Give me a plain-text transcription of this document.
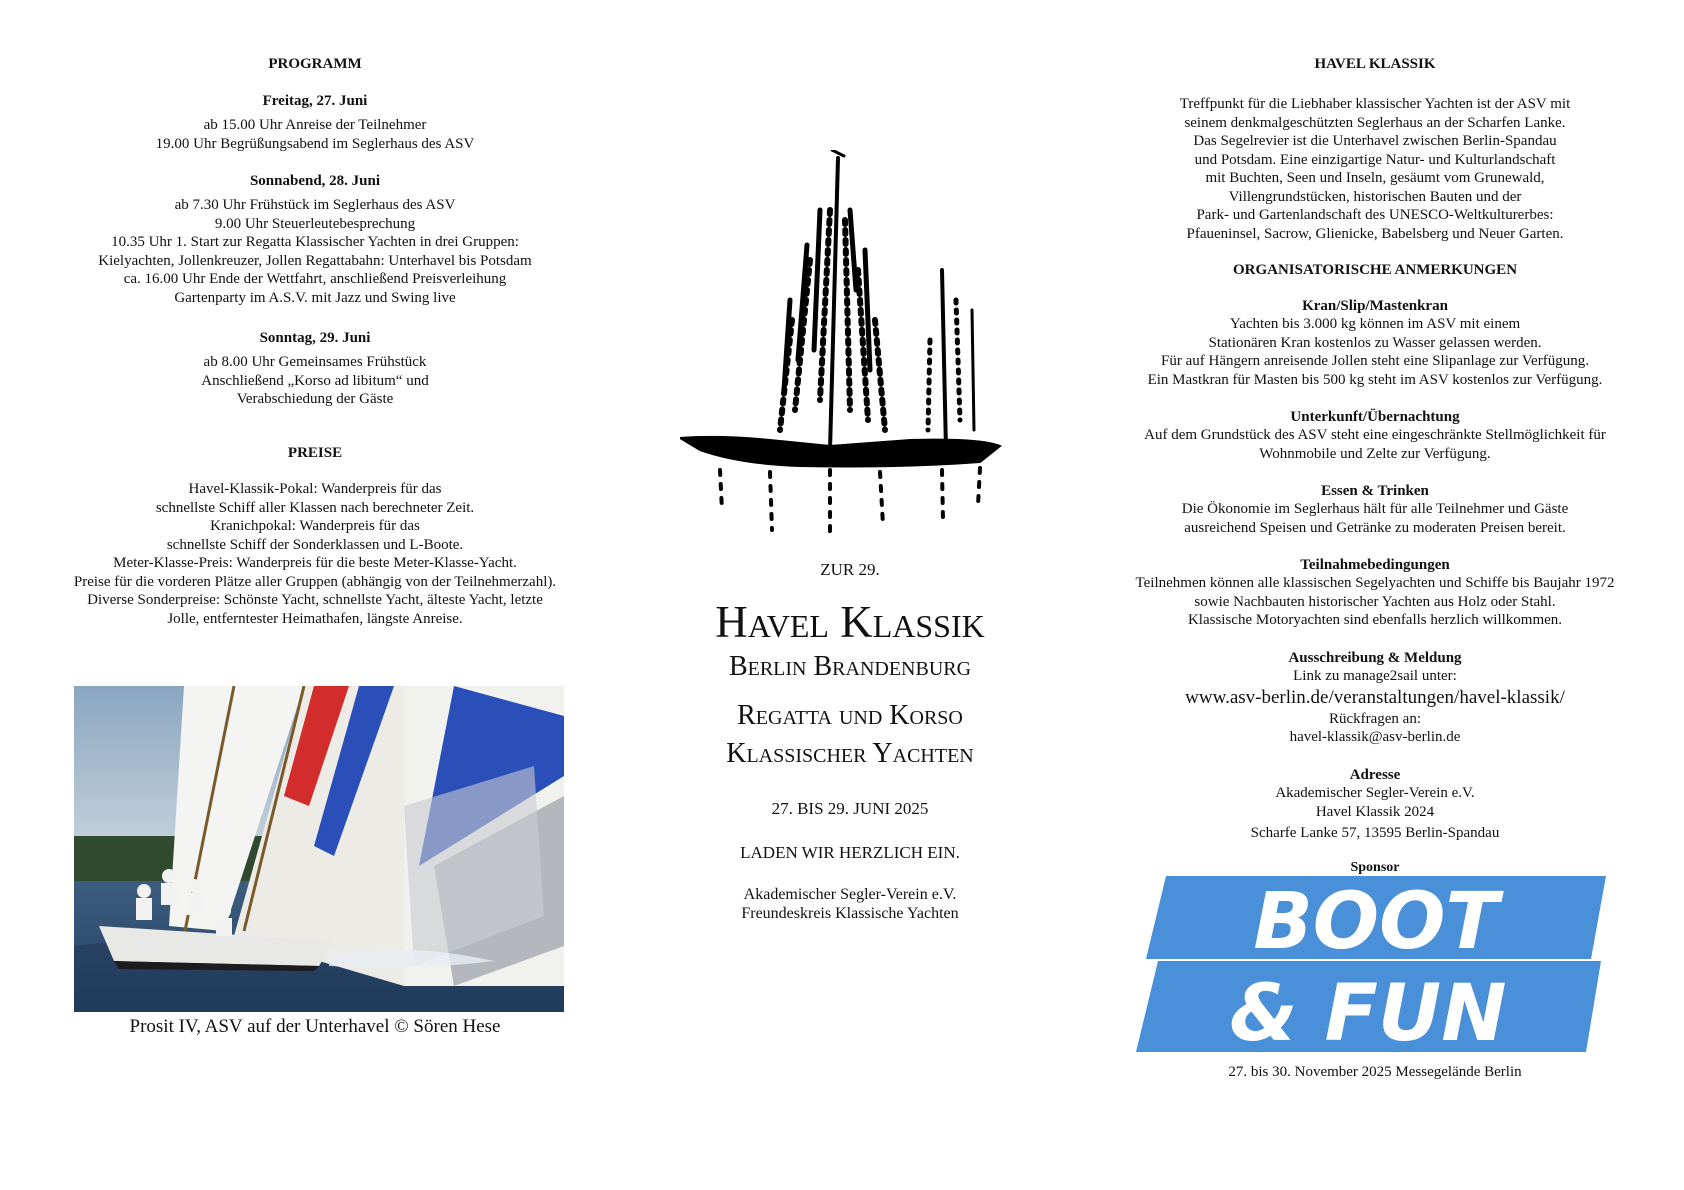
PROGRAMM
Freitag, 27. Juni

ab 15.00 Uhr Anreise der Teilnehmer

19.00 Uhr Begrüßungsabend im Seglerhaus des ASV

Sonnabend, 28. Juni

ab 7.30 Uhr Frühstück im Seglerhaus des ASV

9.00 Uhr Steuerleutebesprechung

10.35 Uhr 1. Start zur Regatta Klassischer Yachten in drei Gruppen:

Kielyachten, Jollenkreuzer, Jollen Regattabahn: Unterhavel bis Potsdam

ca. 16.00 Uhr Ende der Wettfahrt, anschließend Preisverleihung

Gartenparty im A.S.V. mit Jazz und Swing live

Sonntag, 29. Juni

ab 8.00 Uhr Gemeinsames Frühstück

Anschließend „Korso ad libitum“ und

Verabschiedung der Gäste

PREISE

Havel-Klassik-Pokal: Wanderpreis für das

schnellste Schiff aller Klassen nach berechneter Zeit.

Kranichpokal: Wanderpreis für das

schnellste Schiff der Sonderklassen und L-Boote.

Meter-Klasse-Preis: Wanderpreis für die beste Meter-Klasse-Yacht.

Preise für die vorderen Plätze aller Gruppen (abhängig von der Teilnehmerzahl).

Diverse Sonderpreise: Schönste Yacht, schnellste Yacht, älteste Yacht, letzte

Jolle, entferntester Heimathafen, längste Anreise.

Prosit IV, ASV auf der Unterhavel © Sören Hese
ZUR 29.
Havel Klassik
Berlin Brandenburg
Regatta und Korso
Klassischer Yachten
27. BIS 29. JUNI 2025
LADEN WIR HERZLICH EIN.
Akademischer Segler-Verein e.V.
Freundeskreis Klassische Yachten
HAVEL KLASSIK

Treffpunkt für die Liebhaber klassischer Yachten ist der ASV mit

seinem denkmalgeschützten Seglerhaus an der Scharfen Lanke.

Das Segelrevier ist die Unterhavel zwischen Berlin-Spandau

und Potsdam. Eine einzigartige Natur- und Kulturlandschaft

mit Buchten, Seen und Inseln, gesäumt vom Grunewald,

Villengrundstücken, historischen Bauten und der

Park- und Gartenlandschaft des UNESCO-Weltkulturerbes:

Pfaueninsel, Sacrow, Glienicke, Babelsberg und Neuer Garten.

ORGANISATORISCHE ANMERKUNGEN
Kran/Slip/Mastenkran

Yachten bis 3.000 kg können im ASV mit einem

Stationären Kran kostenlos zu Wasser gelassen werden.

Für auf Hängern anreisende Jollen steht eine Slipanlage zur Verfügung.

Ein Mastkran für Masten bis 500 kg steht im ASV kostenlos zur Verfügung.

Unterkunft/Übernachtung

Auf dem Grundstück des ASV steht eine eingeschränkte Stellmöglichkeit für

Wohnmobile und Zelte zur Verfügung.

Essen & Trinken

Die Ökonomie im Seglerhaus hält für alle Teilnehmer und Gäste

ausreichend Speisen und Getränke zu moderaten Preisen bereit.

Teilnahmebedingungen

Teilnehmen können alle klassischen Segelyachten und Schiffe bis Baujahr 1972

sowie Nachbauten historischer Yachten aus Holz oder Stahl.

Klassische Motoryachten sind ebenfalls herzlich willkommen.

Ausschreibung & Meldung

Link zu manage2sail unter:

www.asv-berlin.de/veranstaltungen/havel-klassik/

Rückfragen an:

havel-klassik@asv-berlin.de

Adresse

Akademischer Segler-Verein e.V.

Havel Klassik 2024

Scharfe Lanke 57, 13595 Berlin-Spandau

Sponsor
BOOT
& FUN
27. bis 30. November 2025 Messegelände Berlin
